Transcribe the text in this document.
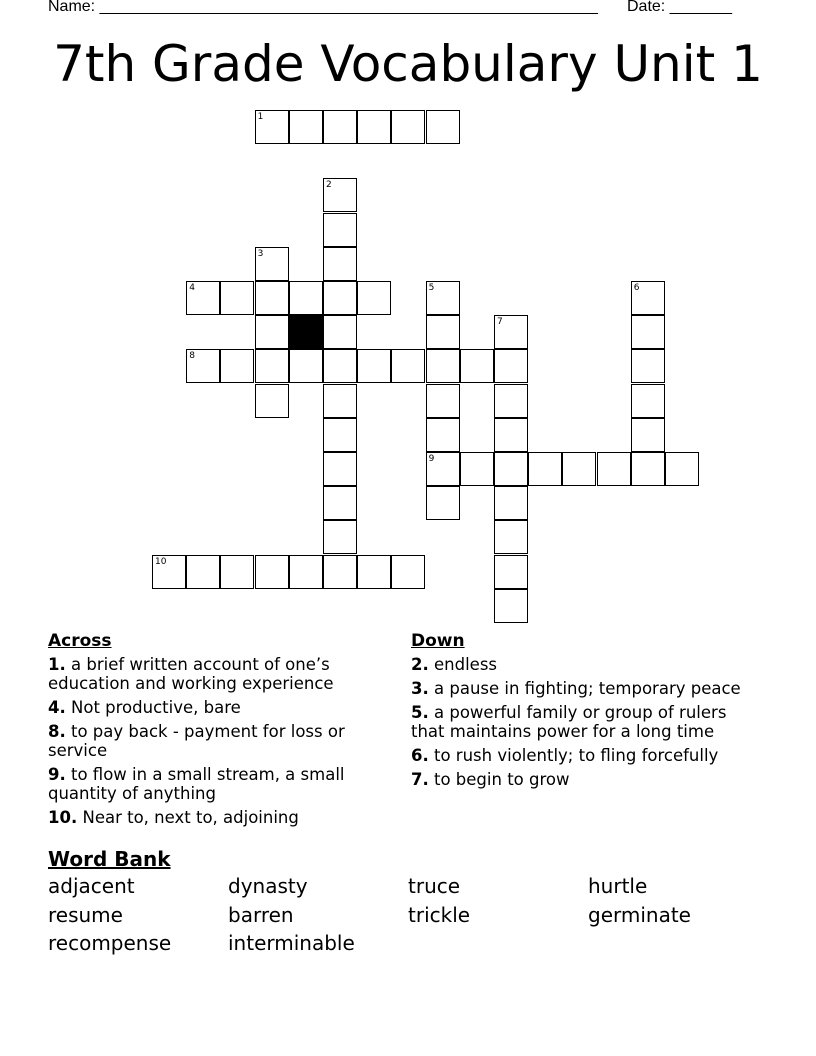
Name: ________________________________________________________ Date: _______
7th Grade Vocabulary Unit 1
1
2
3
4	5	6
7
8
9
10
Across
1. a brief written account of one’s education and working experience
4. Not productive, bare
8. to pay back - payment for loss or service
9. to flow in a small stream, a small quantity of anything
10. Near to, next to, adjoining
Down
2. endless
3. a pause in fighting; temporary peace
5. a powerful family or group of rulers that maintains power for a long time
6. to rush violently; to fling forcefully
7. to begin to grow
Word Bank
adjacent	dynasty	truce	hurtle
resume	barren	trickle	germinate
recompense	interminable
